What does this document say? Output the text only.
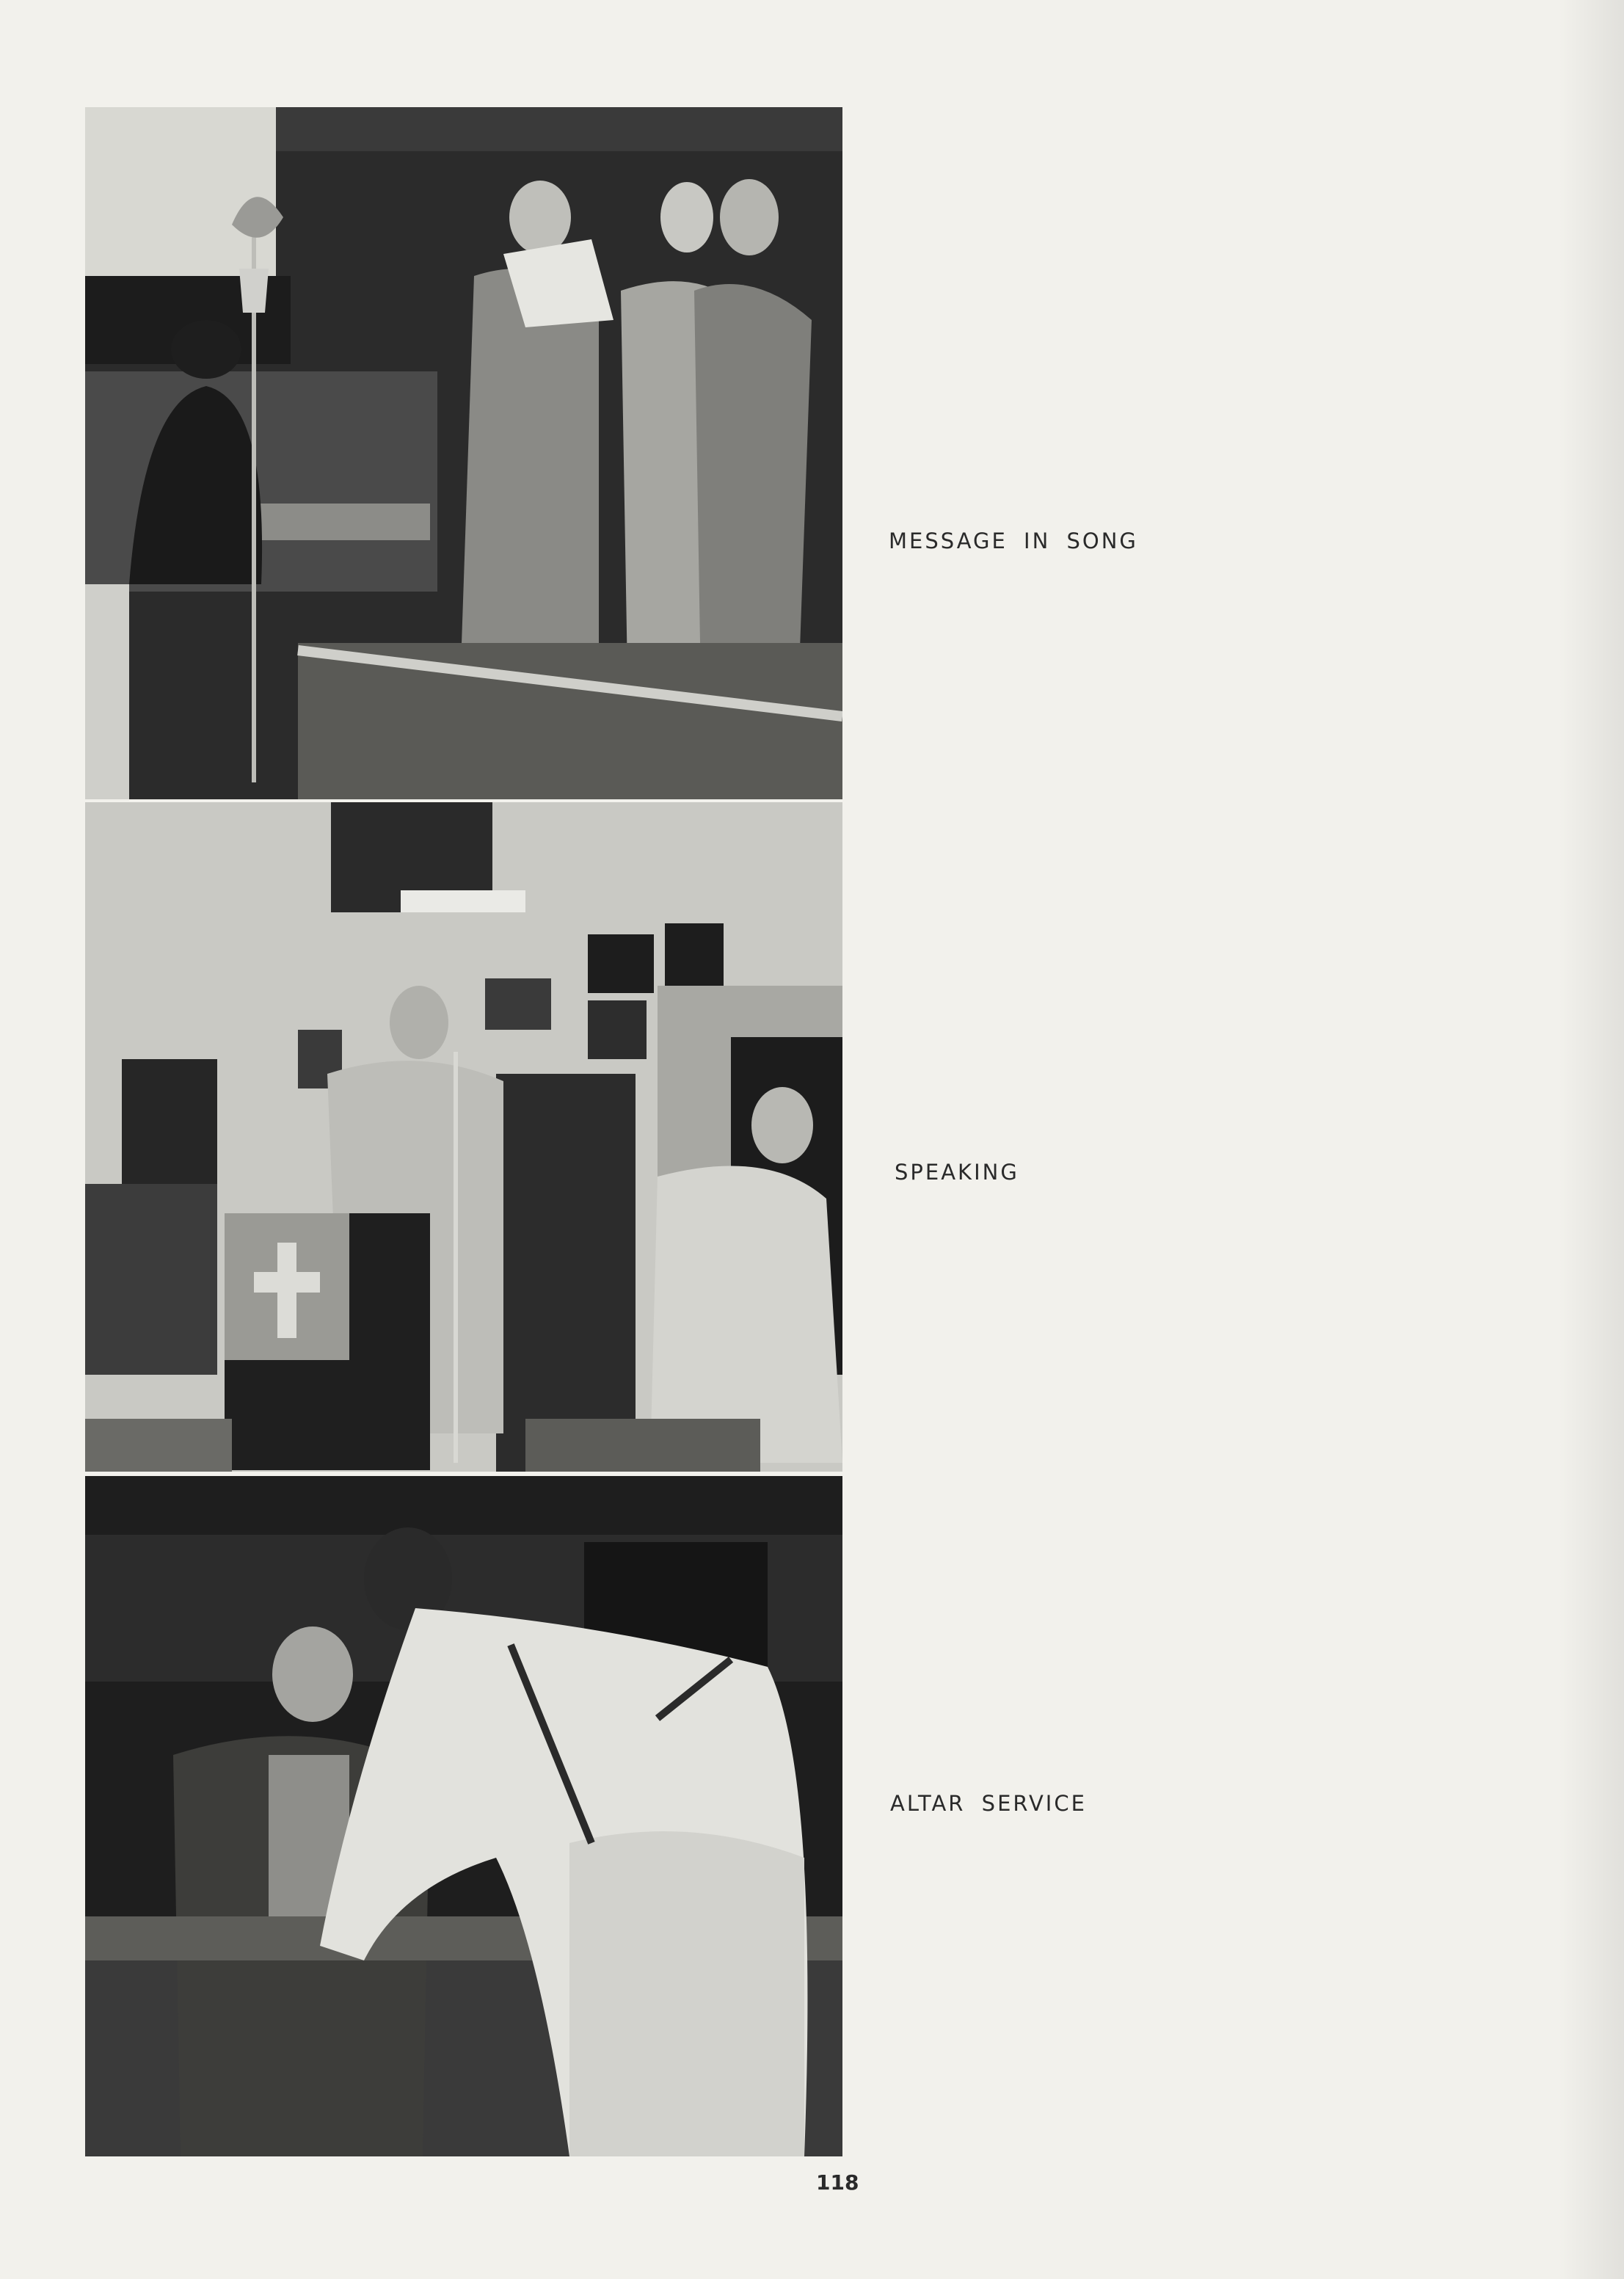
MESSAGE IN SONG
SPEAKING
ALTAR SERVICE
118
